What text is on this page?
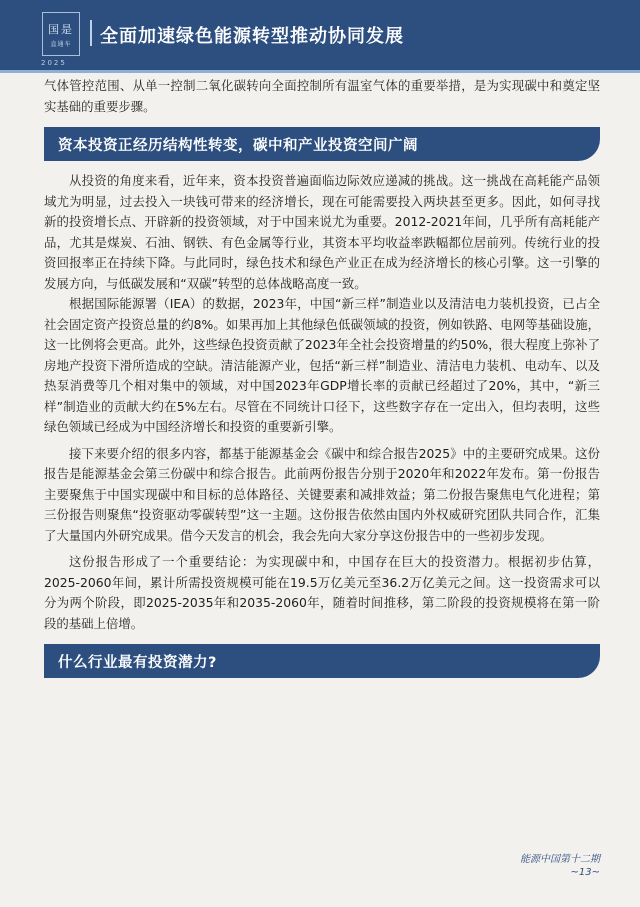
国是
直通车
2025
全面加速绿色能源转型推动协同发展

气体管控范围、从单一控制二氧化碳转向全面控制所有温室气体的重要举措，是为实现碳中和奠定坚实基础的重要步骤。

资本投资正经历结构性转变，碳中和产业投资空间广阔

从投资的角度来看，近年来，资本投资普遍面临边际效应递减的挑战。这一挑战在高耗能产品领域尤为明显，过去投入一块钱可带来的经济增长，现在可能需要投入两块甚至更多。因此，如何寻找新的投资增长点、开辟新的投资领域，对于中国来说尤为重要。2012-2021年间，几乎所有高耗能产品，尤其是煤炭、石油、钢铁、有色金属等行业，其资本平均收益率跌幅都位居前列。传统行业的投资回报率正在持续下降。与此同时，绿色技术和绿色产业正在成为经济增长的核心引擎。这一引擎的发展方向，与低碳发展和“双碳”转型的总体战略高度一致。

根据国际能源署（IEA）的数据，2023年，中国“新三样”制造业以及清洁电力装机投资，已占全社会固定资产投资总量的约8%。如果再加上其他绿色低碳领域的投资，例如铁路、电网等基础设施，这一比例将会更高。此外，这些绿色投资贡献了2023年全社会投资增量的约50%，很大程度上弥补了房地产投资下滑所造成的空缺。清洁能源产业，包括“新三样”制造业、清洁电力装机、电动车、以及热泵消费等几个相对集中的领域，对中国2023年GDP增长率的贡献已经超过了20%，其中，“新三样”制造业的贡献大约在5%左右。尽管在不同统计口径下，这些数字存在一定出入，但均表明，这些绿色领域已经成为中国经济增长和投资的重要新引擎。

接下来要介绍的很多内容，都基于能源基金会《碳中和综合报告2025》中的主要研究成果。这份报告是能源基金会第三份碳中和综合报告。此前两份报告分别于2020年和2022年发布。第一份报告主要聚焦于中国实现碳中和目标的总体路径、关键要素和减排效益；第二份报告聚焦电气化进程；第三份报告则聚焦“投资驱动零碳转型”这一主题。这份报告依然由国内外权威研究团队共同合作，汇集了大量国内外研究成果。借今天发言的机会，我会先向大家分享这份报告中的一些初步发现。

这份报告形成了一个重要结论：为实现碳中和，中国存在巨大的投资潜力。根据初步估算，2025-2060年间，累计所需投资规模可能在19.5万亿美元至36.2万亿美元之间。这一投资需求可以分为两个阶段，即2025-2035年和2035-2060年，随着时间推移，第二阶段的投资规模将在第一阶段的基础上倍增。

什么行业最有投资潜力?
能源中国第十二期
~13~
